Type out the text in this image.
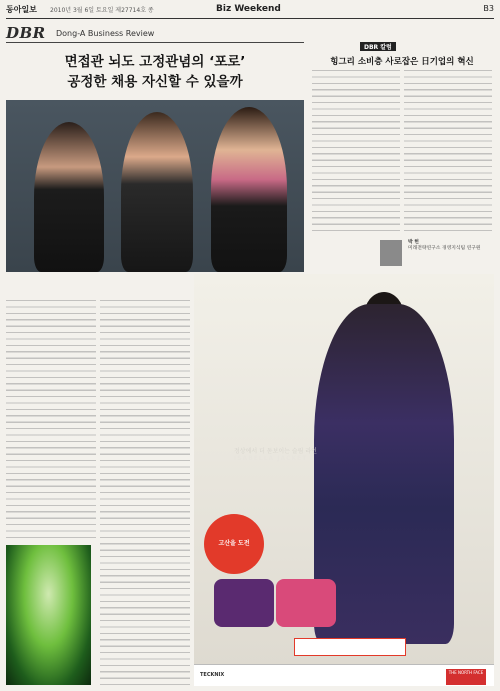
동아일보 2010년 3월 6일 토요일 제27714호 종	Biz Weekend	B3
DBR Dong-A Business Review
면접관 뇌도 고정관념의 ‘포로’
공정한 채용 자신할 수 있을까
DBR 칼럼
힝그리 소비층 사로잡은 日기업의 혁신
박 헌
미래전략연구소 경영지식팀 연구원
정상에서 더 돋보이는 슬림 라인
ISABELLA JACKET
고산을 도전
TECKNIX	THE NORTH FACE
